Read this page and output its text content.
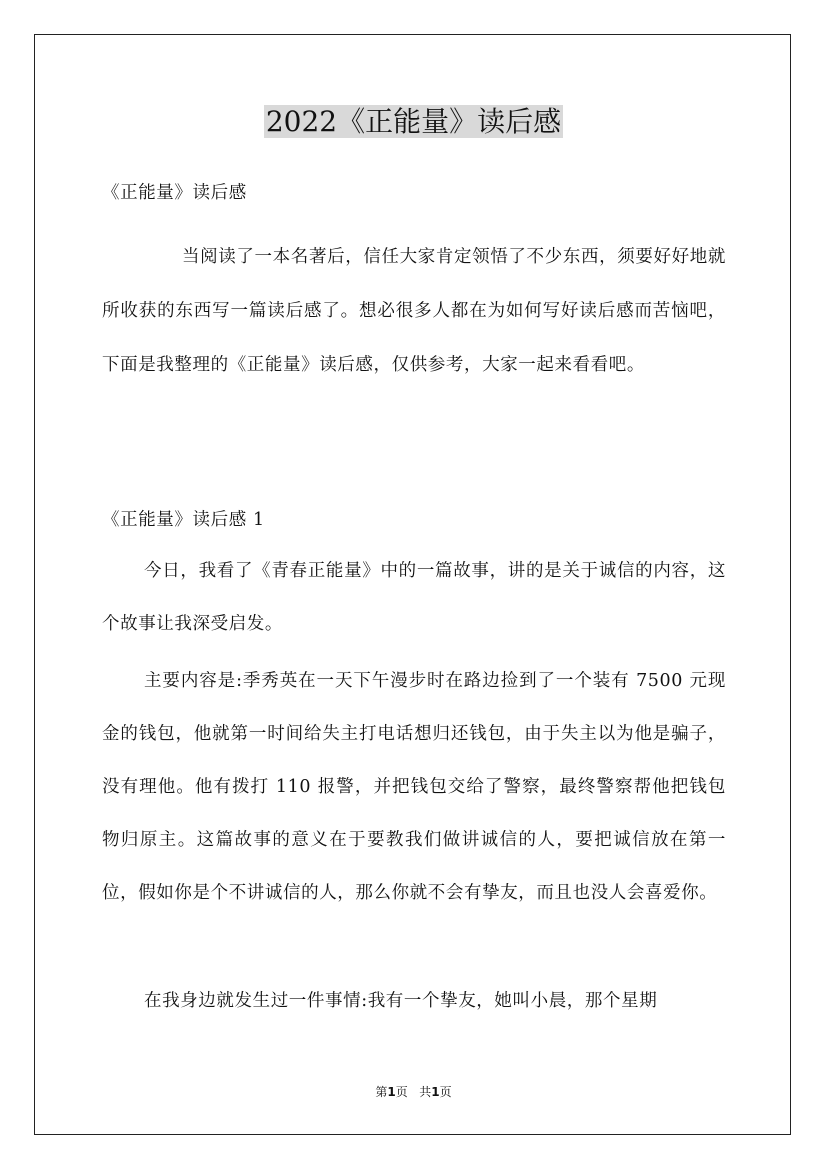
2022《正能量》读后感
《正能量》读后感
当阅读了一本名著后，信任大家肯定领悟了不少东西，须要好好地就所收获的东西写一篇读后感了。想必很多人都在为如何写好读后感而苦恼吧，下面是我整理的《正能量》读后感，仅供参考，大家一起来看看吧。
《正能量》读后感 1
今日，我看了《青春正能量》中的一篇故事，讲的是关于诚信的内容，这个故事让我深受启发。
主要内容是:季秀英在一天下午漫步时在路边捡到了一个装有 7500 元现金的钱包，他就第一时间给失主打电话想归还钱包，由于失主以为他是骗子，没有理他。他有拨打 110 报警，并把钱包交给了警察，最终警察帮他把钱包物归原主。这篇故事的意义在于要教我们做讲诚信的人，要把诚信放在第一位，假如你是个不讲诚信的人，那么你就不会有挚友，而且也没人会喜爱你。
在我身边就发生过一件事情:我有一个挚友，她叫小晨，那个星期
第1页 共1页
